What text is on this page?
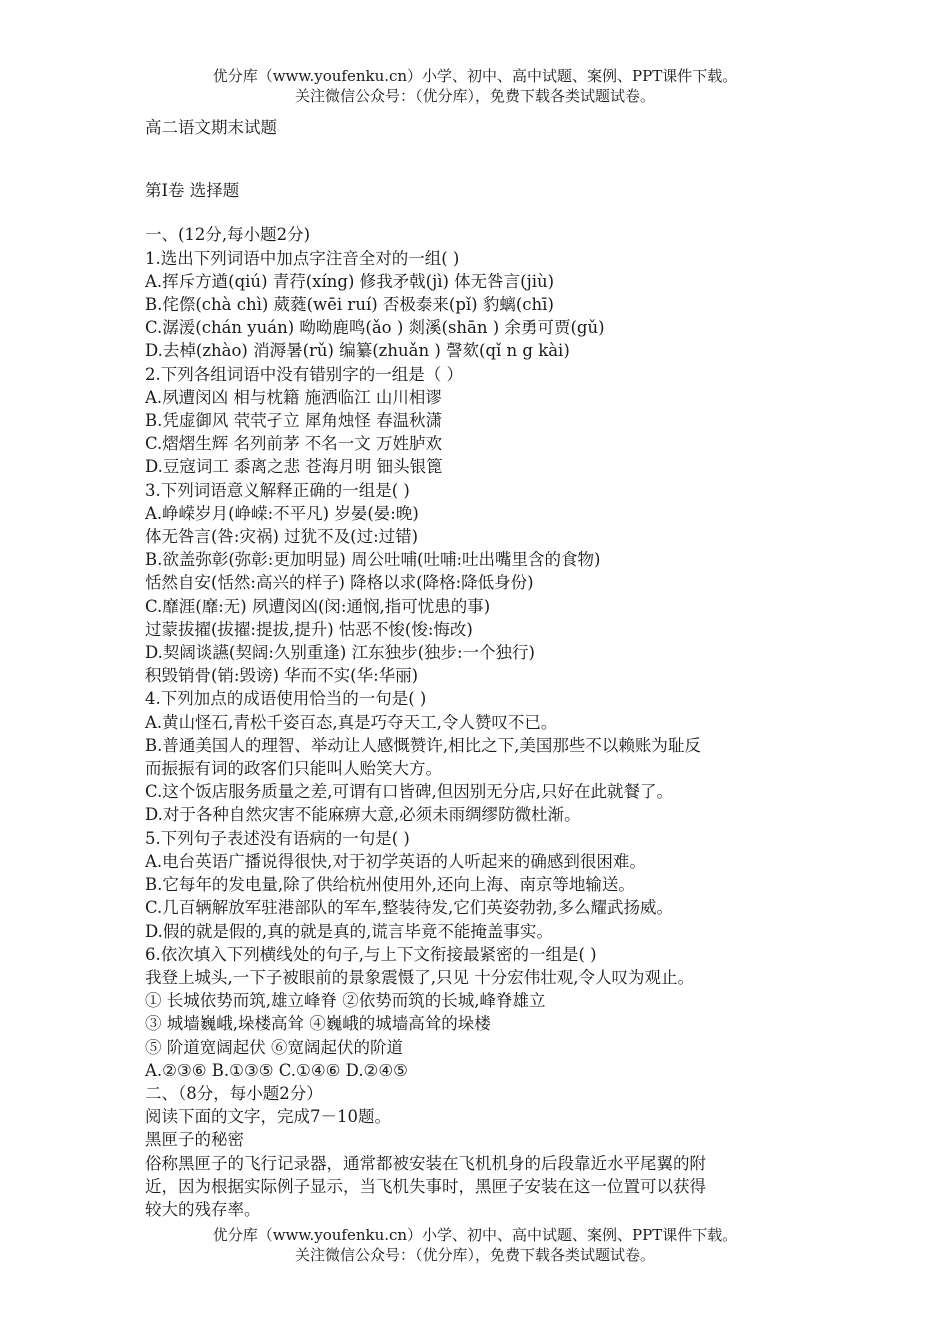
优分库（www.youfenku.cn）小学、初中、高中试题、案例、PPT课件下载。
关注微信公众号：（优分库），免费下载各类试题试卷。
高二语文期末试题
第Ⅰ卷 选择题
一、(12分,每小题2分)
1.选出下列词语中加点字注音全对的一组( )
A.挥斥方遒(qiú) 青荇(xíng) 修我矛戟(jì) 体无咎言(jiù)
B.侘傺(chà chì) 葳蕤(wēi ruí) 否极泰来(pǐ) 豹螭(chī)
C.潺湲(chán yuán) 呦呦鹿鸣(ǎo ) 剡溪(shān ) 余勇可贾(gǔ)
D.去棹(zhào) 消溽暑(rǔ) 编纂(zhuǎn ) 謦欬(qǐ n g kài)
2.下列各组词语中没有错别字的一组是（ ）
A.夙遭闵凶 相与枕籍 施洒临江 山川相谬
B.凭虚御风 茕茕孑立 犀角烛怪 春温秋潇
C.熠熠生辉 名列前茅 不名一文 万姓胪欢
D.豆寇词工 黍离之悲 苍海月明 钿头银篦
3.下列词语意义解释正确的一组是( )
A.峥嵘岁月(峥嵘:不平凡) 岁晏(晏:晚)
体无咎言(咎:灾祸) 过犹不及(过:过错)
B.欲盖弥彰(弥彰:更加明显) 周公吐哺(吐哺:吐出嘴里含的食物)
恬然自安(恬然:高兴的样子) 降格以求(降格:降低身份)
C.靡涯(靡:无) 夙遭闵凶(闵:通悯,指可忧患的事)
过蒙拔擢(拔擢:提拔,提升) 怙恶不悛(悛:悔改)
D.契阔谈讌(契阔:久别重逢) 江东独步(独步:一个独行)
积毁销骨(销:毁谤) 华而不实(华:华丽)
4.下列加点的成语使用恰当的一句是( )
A.黄山怪石,青松千姿百态,真是巧夺天工,令人赞叹不已。
B.普通美国人的理智、举动让人感慨赞许,相比之下,美国那些不以赖账为耻反
而振振有词的政客们只能叫人贻笑大方。
C.这个饭店服务质量之差,可谓有口皆碑,但因别无分店,只好在此就餐了。
D.对于各种自然灾害不能麻痹大意,必须未雨绸缪防微杜渐。
5.下列句子表述没有语病的一句是( )
A.电台英语广播说得很快,对于初学英语的人听起来的确感到很困难。
B.它每年的发电量,除了供给杭州使用外,还向上海、南京等地输送。
C.几百辆解放军驻港部队的军车,整装待发,它们英姿勃勃,多么耀武扬威。
D.假的就是假的,真的就是真的,谎言毕竟不能掩盖事实。
6.依次填入下列横线处的句子,与上下文衔接最紧密的一组是( )
我登上城头,一下子被眼前的景象震慑了,只见 十分宏伟壮观,令人叹为观止。
① 长城依势而筑,雄立峰脊 ②依势而筑的长城,峰脊雄立
③ 城墙巍峨,垛楼高耸 ④巍峨的城墙高耸的垛楼
⑤ 阶道宽阔起伏 ⑥宽阔起伏的阶道
A.②③⑥ B.①③⑤ C.①④⑥ D.②④⑤
二、（8分，每小题2分）
阅读下面的文字，完成7－10题。
黑匣子的秘密
俗称黑匣子的飞行记录器，通常都被安装在飞机机身的后段靠近水平尾翼的附
近，因为根据实际例子显示，当飞机失事时，黑匣子安装在这一位置可以获得
较大的残存率。
优分库（www.youfenku.cn）小学、初中、高中试题、案例、PPT课件下载。
关注微信公众号：（优分库），免费下载各类试题试卷。
